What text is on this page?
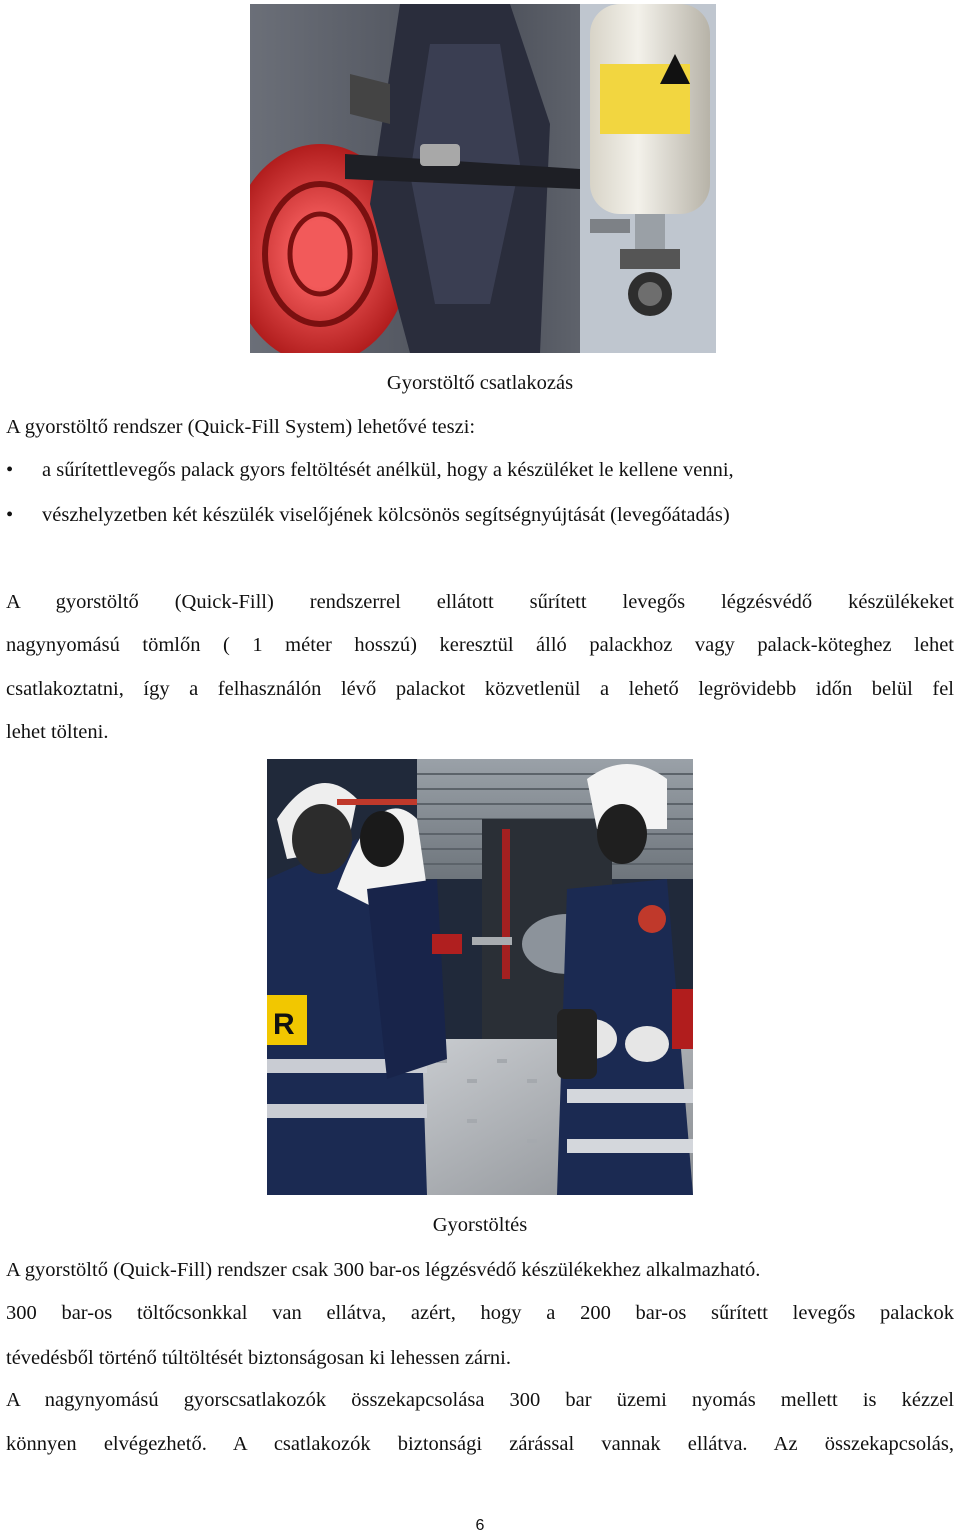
Gyorstöltő csatlakozás
A gyorstöltő rendszer (Quick-Fill System) lehetővé teszi:
•	a sűrítettlevegős palack gyors feltöltését anélkül, hogy a készüléket le kellene venni,
•	vészhelyzetben két készülék viselőjének kölcsönös segítségnyújtását (levegőátadás)
A gyorstöltő (Quick-Fill) rendszerrel ellátott sűrített levegős légzésvédő készülékeket
nagynyomású tömlőn ( 1 méter hosszú) keresztül álló palackhoz vagy palack-köteghez lehet
csatlakoztatni, így a felhasználón lévő palackot közvetlenül a lehető legrövidebb időn belül fel
lehet tölteni.
R
Gyorstöltés
A gyorstöltő (Quick-Fill) rendszer csak 300 bar-os légzésvédő készülékekhez alkalmazható.
300 bar-os töltőcsonkkal van ellátva, azért, hogy a 200 bar-os sűrített levegős palackok
tévedésből történő túltöltését biztonságosan ki lehessen zárni.
A nagynyomású gyorscsatlakozók összekapcsolása 300 bar üzemi nyomás mellett is kézzel
könnyen elvégezhető. A csatlakozók biztonsági zárással vannak ellátva. Az összekapcsolás,
6
